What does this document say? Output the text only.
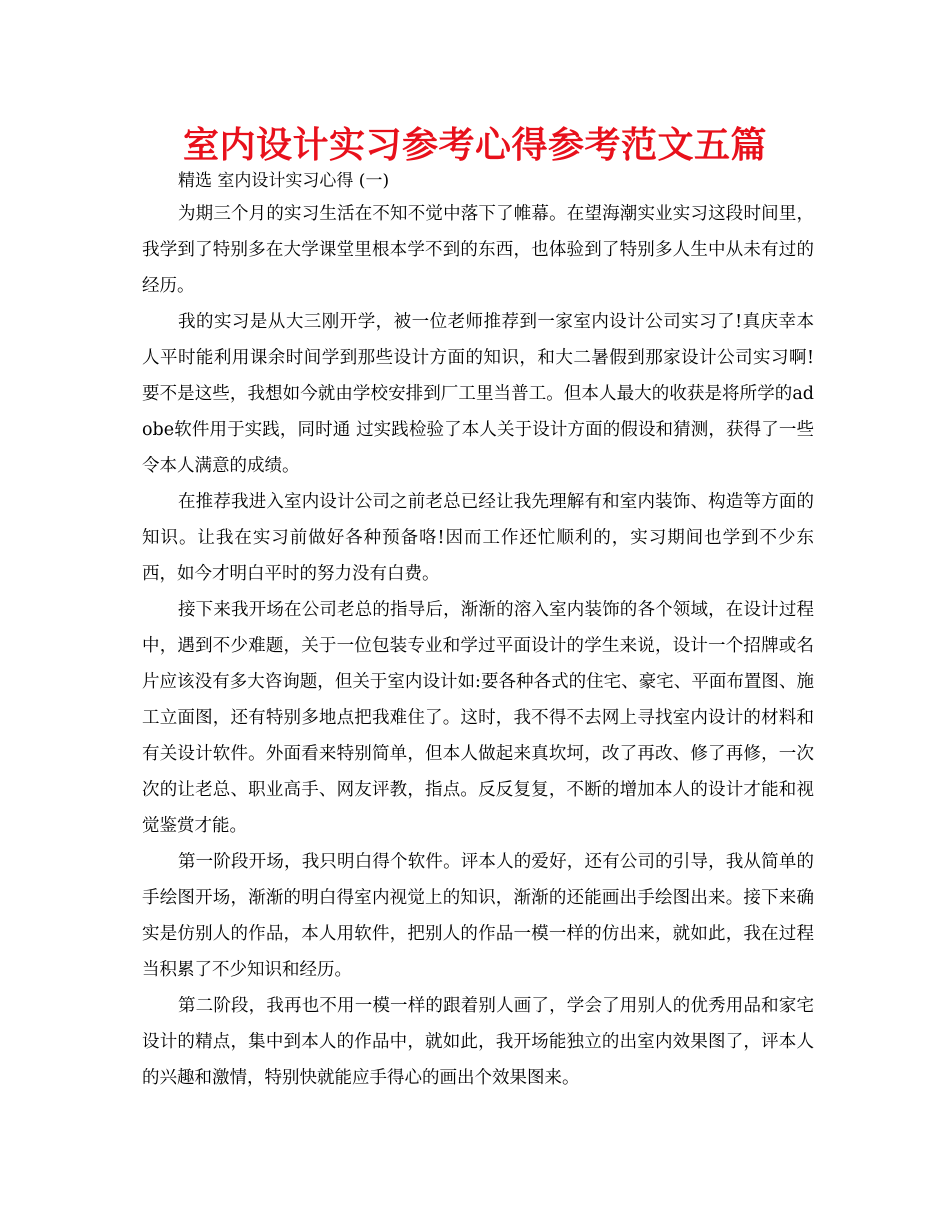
室内设计实习参考心得参考范文五篇

精选 室内设计实习心得 (一)

为期三个月的实习生活在不知不觉中落下了帷幕。在望海潮实业实习这段时间里，我学到了特别多在大学课堂里根本学不到的东西，也体验到了特别多人生中从未有过的经历。

我的实习是从大三刚开学，被一位老师推荐到一家室内设计公司实习了!真庆幸本人平时能利用课余时间学到那些设计方面的知识，和大二暑假到那家设计公司实习啊!要不是这些，我想如今就由学校安排到厂工里当普工。但本人最大的收获是将所学的adobe软件用于实践，同时通 过实践检验了本人关于设计方面的假设和猜测，获得了一些令本人满意的成绩。

在推荐我进入室内设计公司之前老总已经让我先理解有和室内装饰、构造等方面的知识。让我在实习前做好各种预备咯!因而工作还忙顺利的，实习期间也学到不少东西，如今才明白平时的努力没有白费。

接下来我开场在公司老总的指导后，渐渐的溶入室内装饰的各个领域，在设计过程中，遇到不少难题，关于一位包装专业和学过平面设计的学生来说，设计一个招牌或名片应该没有多大咨询题，但关于室内设计如:要各种各式的住宅、豪宅、平面布置图、施工立面图，还有特别多地点把我难住了。这时，我不得不去网上寻找室内设计的材料和有关设计软件。外面看来特别简单，但本人做起来真坎坷，改了再改、修了再修，一次次的让老总、职业高手、网友评教，指点。反反复复，不断的增加本人的设计才能和视觉鉴赏才能。

第一阶段开场，我只明白得个软件。评本人的爱好，还有公司的引导，我从简单的手绘图开场，渐渐的明白得室内视觉上的知识，渐渐的还能画出手绘图出来。接下来确实是仿别人的作品，本人用软件，把别人的作品一模一样的仿出来，就如此，我在过程当积累了不少知识和经历。

第二阶段，我再也不用一模一样的跟着别人画了，学会了用别人的优秀用品和家宅设计的精点，集中到本人的作品中，就如此，我开场能独立的出室内效果图了，评本人的兴趣和激情，特别快就能应手得心的画出个效果图来。
